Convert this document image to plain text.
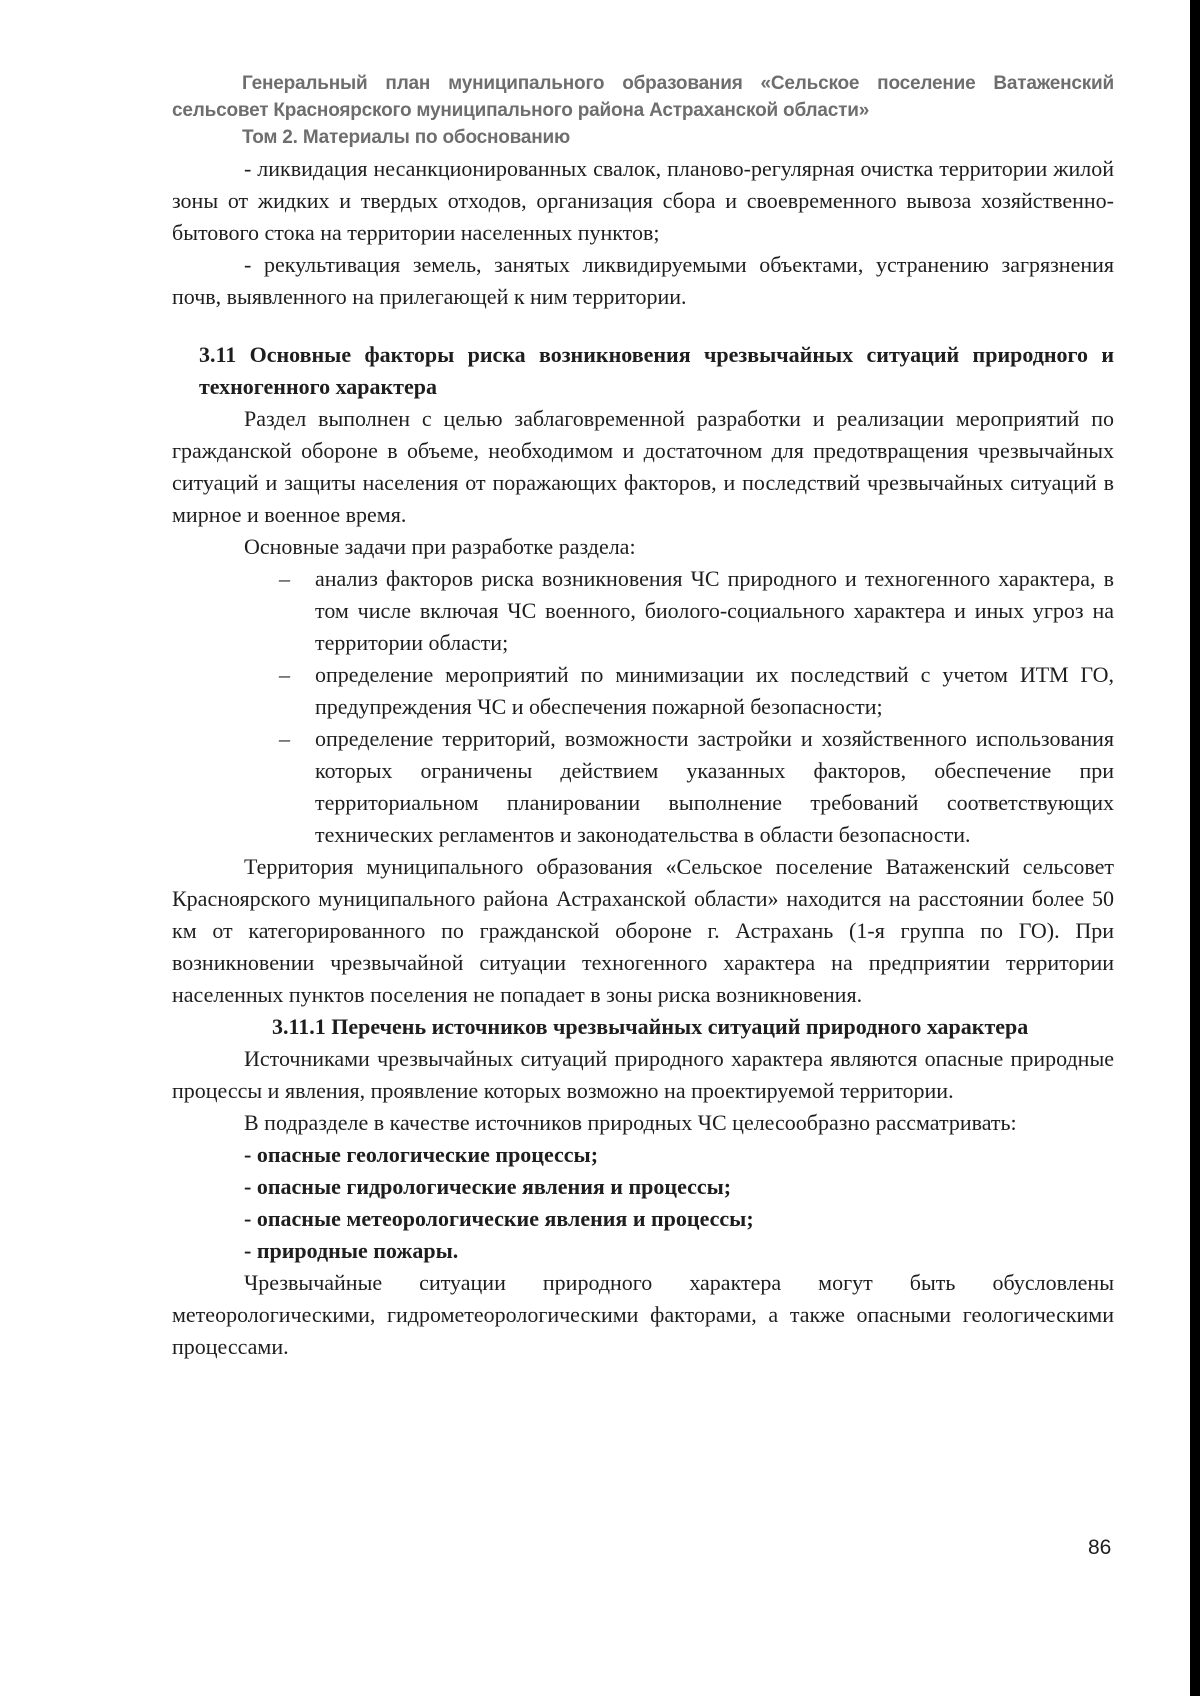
Генеральный план муниципального образования «Сельское поселение Ватаженский
сельсовет Красноярского муниципального района Астраханской области»
Том 2. Материалы по обоснованию

- ликвидация несанкционированных свалок, планово-регулярная очистка территории жилой зоны от жидких и твердых отходов, организация сбора и своевременного вывоза хозяйственно-бытового стока на территории населенных пунктов;

- рекультивация земель, занятых ликвидируемыми объектами, устранению загрязнения почв, выявленного на прилегающей к ним территории.

3.11 Основные факторы риска возникновения чрезвычайных ситуаций природного и техногенного характера

Раздел выполнен с целью заблаговременной разработки и реализации мероприятий по гражданской обороне в объеме, необходимом и достаточном для предотвращения чрезвычайных ситуаций и защиты населения от поражающих факторов, и последствий чрезвычайных ситуаций в мирное и военное время.

Основные задачи при разработке раздела:

– анализ факторов риска возникновения ЧС природного и техногенного характера, в том числе включая ЧС военного, биолого-социального характера и иных угроз на территории области;
– определение мероприятий по минимизации их последствий с учетом ИТМ ГО, предупреждения ЧС и обеспечения пожарной безопасности;
– определение территорий, возможности застройки и хозяйственного использования которых ограничены действием указанных факторов, обеспечение при территориальном планировании выполнение требований соответствующих технических регламентов и законодательства в области безопасности.

Территория муниципального образования «Сельское поселение Ватаженский сельсовет Красноярского муниципального района Астраханской области» находится на расстоянии более 50 км от категорированного по гражданской обороне г. Астрахань (1-я группа по ГО). При возникновении чрезвычайной ситуации техногенного характера на предприятии территории населенных пунктов поселения не попадает в зоны риска возникновения.

3.11.1 Перечень источников чрезвычайных ситуаций природного характера

Источниками чрезвычайных ситуаций природного характера являются опасные природные процессы и явления, проявление которых возможно на проектируемой территории.

В подразделе в качестве источников природных ЧС целесообразно рассматривать:

- опасные геологические процессы;
- опасные гидрологические явления и процессы;
- опасные метеорологические явления и процессы;
- природные пожары.

Чрезвычайные ситуации природного характера могут быть обусловлены метеорологическими, гидрометеорологическими факторами, а также опасными геологическими процессами.

86
